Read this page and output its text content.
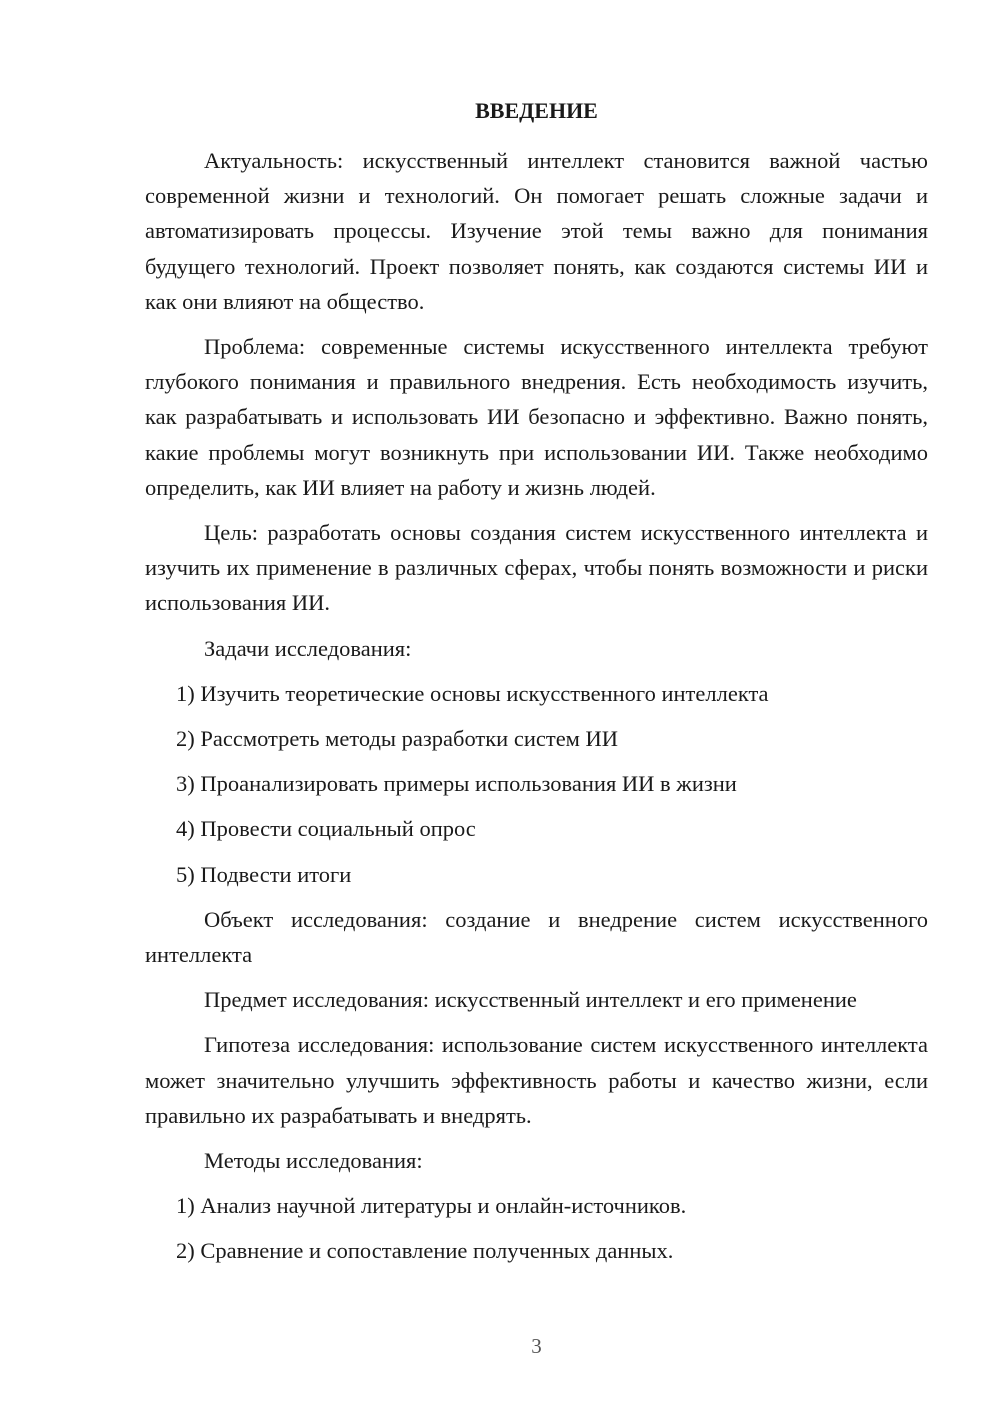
ВВЕДЕНИЕ

Актуальность: искусственный интеллект становится важной частью современной жизни и технологий. Он помогает решать сложные задачи и автоматизировать процессы. Изучение этой темы важно для понимания будущего технологий. Проект позволяет понять, как создаются системы ИИ и как они влияют на общество.

Проблема: современные системы искусственного интеллекта требуют глубокого понимания и правильного внедрения. Есть необходимость изучить, как разрабатывать и использовать ИИ безопасно и эффективно. Важно понять, какие проблемы могут возникнуть при использовании ИИ. Также необходимо определить, как ИИ влияет на работу и жизнь людей.

Цель: разработать основы создания систем искусственного интеллекта и изучить их применение в различных сферах, чтобы понять возможности и риски использования ИИ.

Задачи исследования:

1) Изучить теоретические основы искусственного интеллекта

2) Рассмотреть методы разработки систем ИИ

3) Проанализировать примеры использования ИИ в жизни

4) Провести социальный опрос

5) Подвести итоги

Объект исследования: создание и внедрение систем искусственного интеллекта

Предмет исследования: искусственный интеллект и его применение

Гипотеза исследования: использование систем искусственного интеллекта может значительно улучшить эффективность работы и качество жизни, если правильно их разрабатывать и внедрять.

Методы исследования:

1) Анализ научной литературы и онлайн-источников.

2) Сравнение и сопоставление полученных данных.

3
